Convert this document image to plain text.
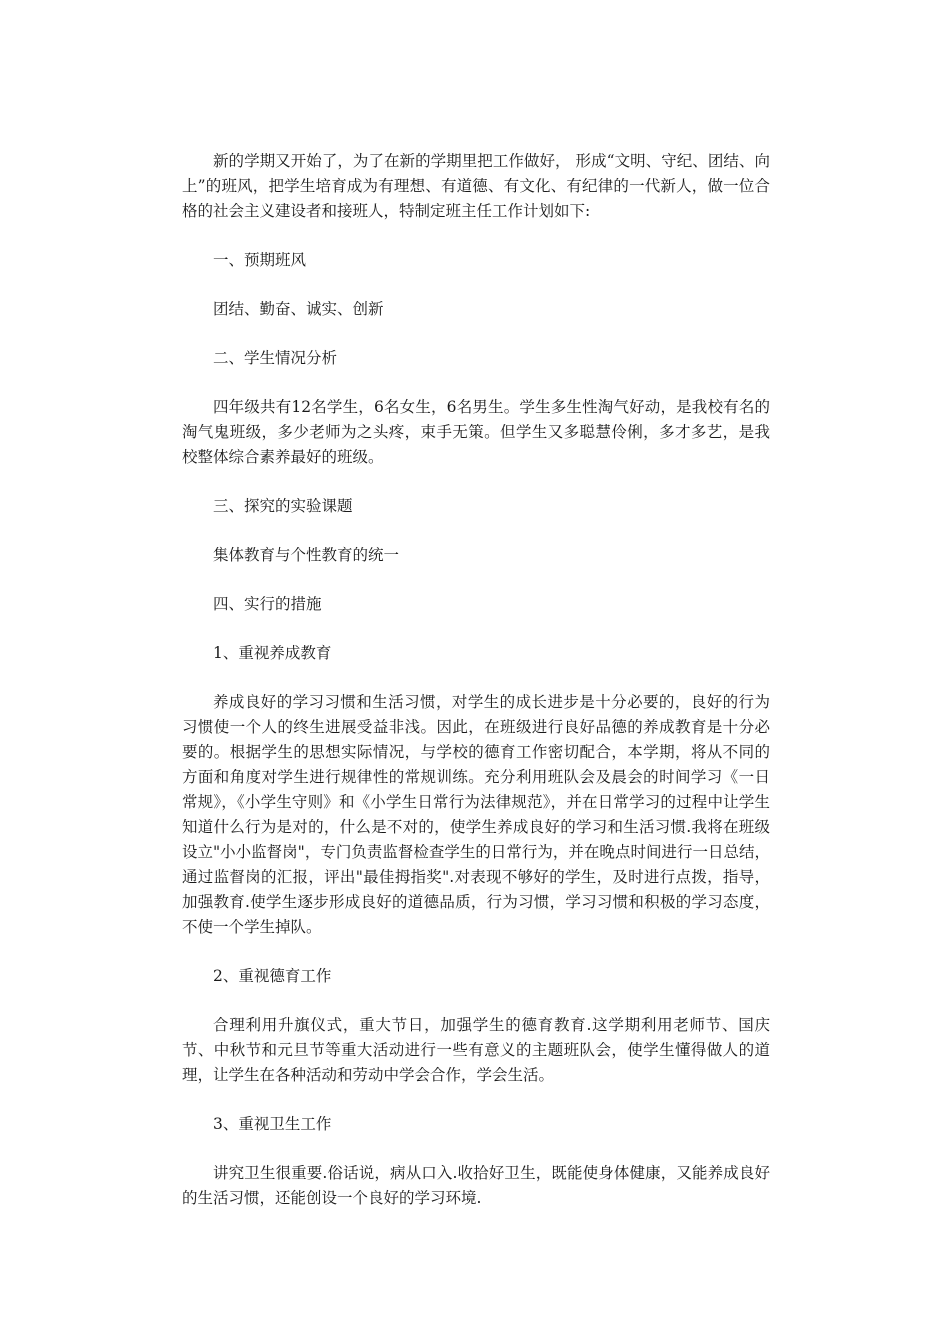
新的学期又开始了，为了在新的学期里把工作做好， 形成“文明、守纪、团结、向上”的班风，把学生培育成为有理想、有道德、有文化、有纪律的一代新人，做一位合格的社会主义建设者和接班人，特制定班主任工作计划如下:

一、预期班风

团结、勤奋、诚实、创新

二、学生情况分析

四年级共有12名学生，6名女生，6名男生。学生多生性淘气好动，是我校有名的淘气鬼班级，多少老师为之头疼，束手无策。但学生又多聪慧伶俐，多才多艺，是我校整体综合素养最好的班级。

三、探究的实验课题

集体教育与个性教育的统一

四、实行的措施

1、重视养成教育

养成良好的学习习惯和生活习惯，对学生的成长进步是十分必要的，良好的行为习惯使一个人的终生进展受益非浅。因此，在班级进行良好品德的养成教育是十分必要的。根据学生的思想实际情况，与学校的德育工作密切配合，本学期，将从不同的方面和角度对学生进行规律性的常规训练。充分利用班队会及晨会的时间学习《一日常规》，《小学生守则》和《小学生日常行为法律规范》，并在日常学习的过程中让学生知道什么行为是对的，什么是不对的，使学生养成良好的学习和生活习惯.我将在班级设立"小小监督岗"，专门负责监督检查学生的日常行为，并在晚点时间进行一日总结，通过监督岗的汇报，评出"最佳拇指奖".对表现不够好的学生，及时进行点拨，指导，加强教育.使学生逐步形成良好的道德品质，行为习惯，学习习惯和积极的学习态度，不使一个学生掉队。

2、重视德育工作

合理利用升旗仪式，重大节日，加强学生的德育教育.这学期利用老师节、国庆节、中秋节和元旦节等重大活动进行一些有意义的主题班队会，使学生懂得做人的道理，让学生在各种活动和劳动中学会合作，学会生活。

3、重视卫生工作

讲究卫生很重要.俗话说，病从口入.收拾好卫生，既能使身体健康，又能养成良好的生活习惯，还能创设一个良好的学习环境.
